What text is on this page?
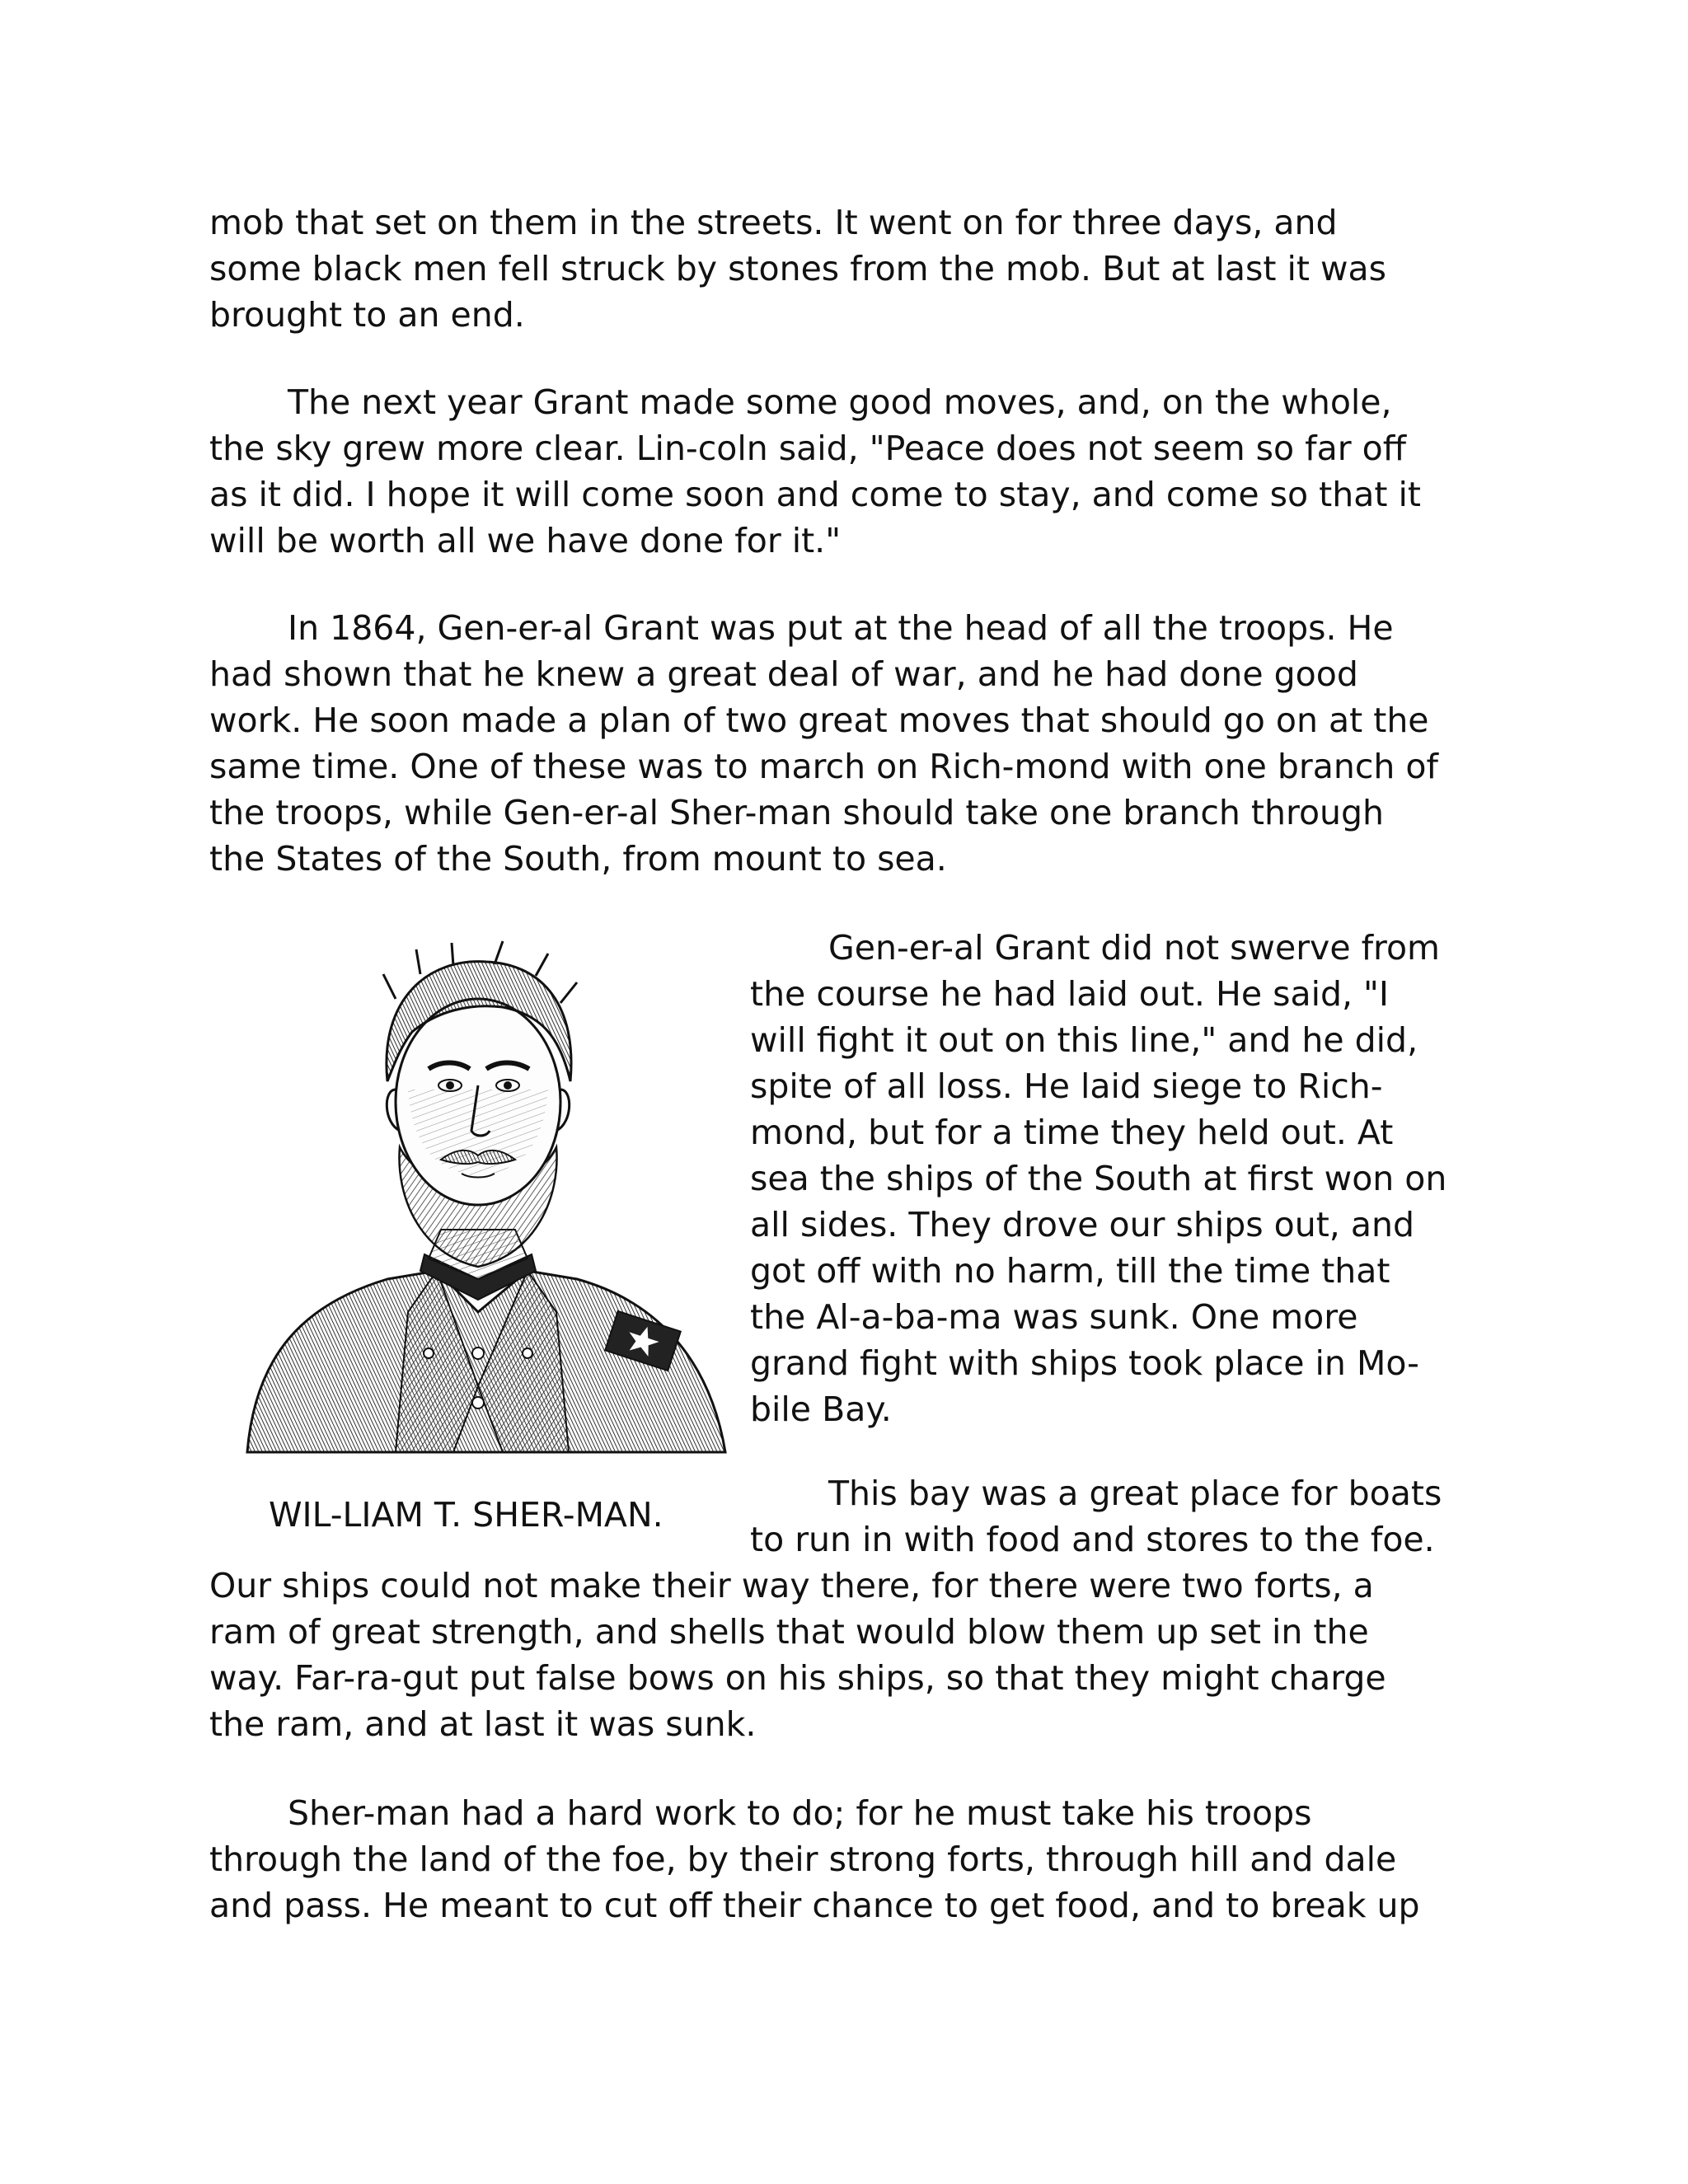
mob that set on them in the streets. It went on for three days, and
some black men fell struck by stones from the mob. But at last it was
brought to an end.

The next year Grant made some good moves, and, on the whole,
the sky grew more clear. Lin-coln said, "Peace does not seem so far off
as it did. I hope it will come soon and come to stay, and come so that it
will be worth all we have done for it."

In 1864, Gen-er-al Grant was put at the head of all the troops. He
had shown that he knew a great deal of war, and he had done good
work. He soon made a plan of two great moves that should go on at the
same time. One of these was to march on Rich-mond with one branch of
the troops, while Gen-er-al Sher-man should take one branch through
the States of the South, from mount to sea.

WIL-LIAM T. SHER-MAN.

Gen-er-al Grant did not swerve from
the course he had laid out. He said, "I
will fight it out on this line," and he did,
spite of all loss. He laid siege to Rich-
mond, but for a time they held out. At
sea the ships of the South at first won on
all sides. They drove our ships out, and
got off with no harm, till the time that
the Al-a-ba-ma was sunk. One more
grand fight with ships took place in Mo-
bile Bay.

This bay was a great place for boats
to run in with food and stores to the foe.

Our ships could not make their way there, for there were two forts, a
ram of great strength, and shells that would blow them up set in the
way. Far-ra-gut put false bows on his ships, so that they might charge
the ram, and at last it was sunk.

Sher-man had a hard work to do; for he must take his troops
through the land of the foe, by their strong forts, through hill and dale
and pass. He meant to cut off their chance to get food, and to break up
